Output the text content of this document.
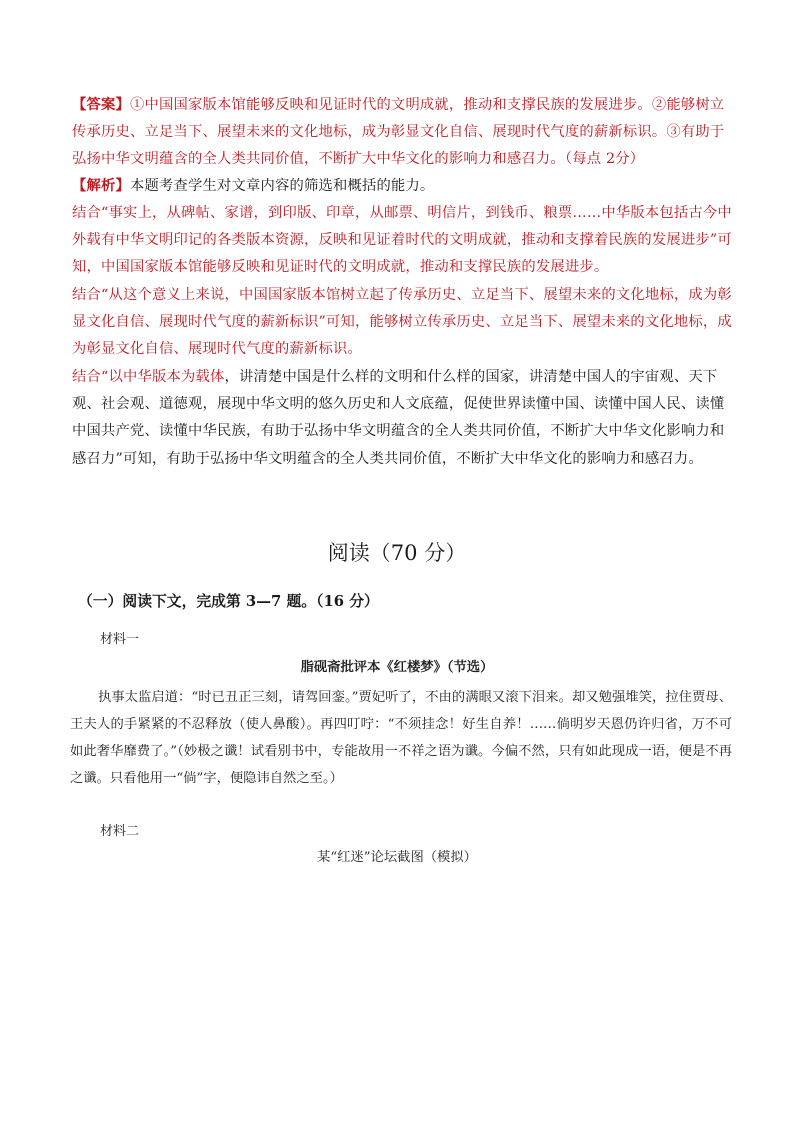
【答案】①中国国家版本馆能够反映和见证时代的文明成就，推动和支撑民族的发展进步。②能够树立传承历史、立足当下、展望未来的文化地标，成为彰显文化自信、展现时代气度的薪新标识。③有助于弘扬中华文明蕴含的全人类共同价值，不断扩大中华文化的影响力和感召力。（每点 2分）
【解析】本题考查学生对文章内容的筛选和概括的能力。
结合“事实上，从碑帖、家谱，到印版、印章，从邮票、明信片，到钱币、粮票……中华版本包括古今中外载有中华文明印记的各类版本资源，反映和见证着时代的文明成就，推动和支撑着民族的发展进步”可知，中国国家版本馆能够反映和见证时代的文明成就，推动和支撑民族的发展进步。
结合“从这个意义上来说，中国国家版本馆树立起了传承历史、立足当下、展望未来的文化地标，成为彰显文化自信、展现时代气度的薪新标识”可知，能够树立传承历史、立足当下、展望未来的文化地标，成为彰显文化自信、展现时代气度的薪新标识。
结合“以中华版本为载体，讲清楚中国是什么样的文明和什么样的国家，讲清楚中国人的宇宙观、天下观、社会观、道德观，展现中华文明的悠久历史和人文底蕴，促使世界读懂中国、读懂中国人民、读懂中国共产党、读懂中华民族，有助于弘扬中华文明蕴含的全人类共同价值，不断扩大中华文化影响力和感召力”可知，有助于弘扬中华文明蕴含的全人类共同价值，不断扩大中华文化的影响力和感召力。
阅读（70 分）
（一）阅读下文，完成第 3—7 题。（16 分）
材料一
脂砚斋批评本《红楼梦》（节选）
执事太监启道：“时已丑正三刻，请驾回銮。”贾妃听了，不由的满眼又滚下泪来。却又勉强堆笑，拉住贾母、王夫人的手紧紧的不忍释放（使人鼻酸）。再四叮咛：“不须挂念！好生自养！……倘明岁天恩仍许归省，万不可如此奢华靡费了。”（妙极之谶！试看别书中，专能故用一不祥之语为谶。今偏不然，只有如此现成一语，便是不再之谶。只看他用一“倘”字，便隐讳自然之至。）
材料二
某“红迷”论坛截图（模拟）
